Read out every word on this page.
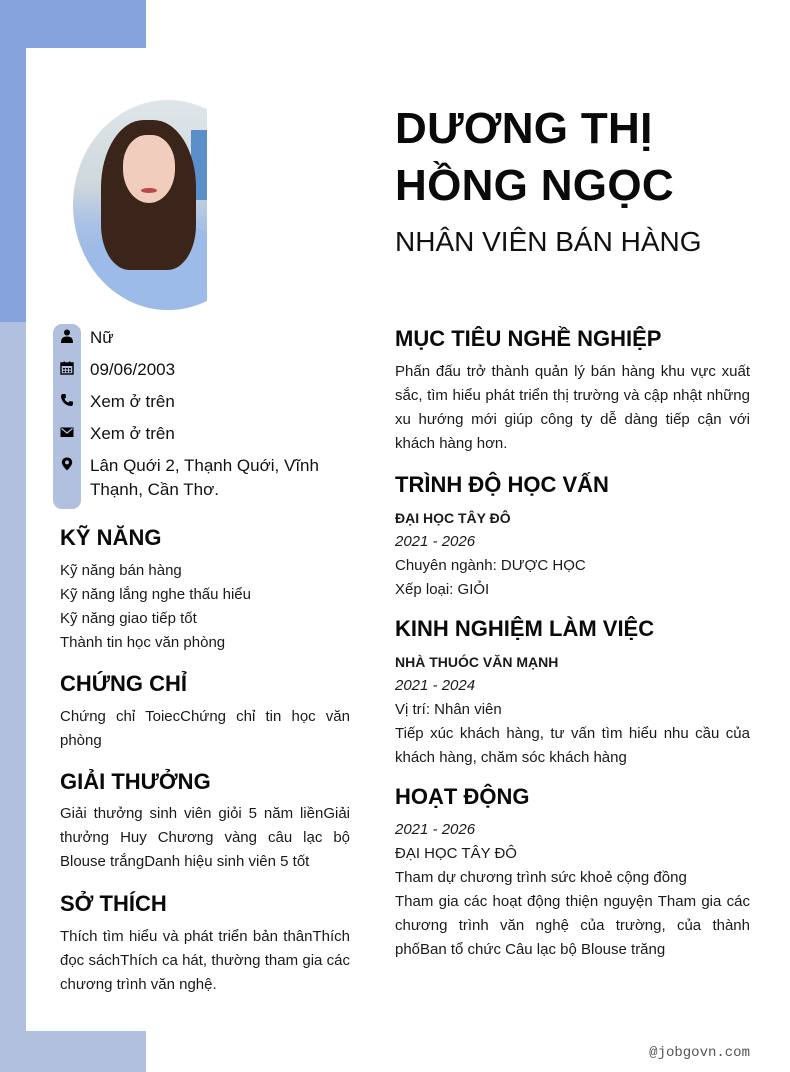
DƯƠNG THỊ
HỒNG NGỌC
NHÂN VIÊN BÁN HÀNG
Nữ
09/06/2003
Xem ở trên
Xem ở trên
Lân Quới 2, Thạnh Quới, Vĩnh Thạnh, Cần Thơ.
KỸ NĂNG
Kỹ năng bán hàng
Kỹ năng lắng nghe thấu hiểu
Kỹ năng giao tiếp tốt
Thành tin học văn phòng
CHỨNG CHỈ
Chứng chỉ ToiecChứng chỉ tin học văn phòng
GIẢI THƯỞNG
Giải thưởng sinh viên giỏi 5 năm liềnGiải thưởng Huy Chương vàng câu lạc bộ Blouse trắngDanh hiệu sinh viên 5 tốt
SỞ THÍCH
Thích tìm hiểu và phát triển bản thânThích đọc sáchThích ca hát, thường tham gia các chương trình văn nghệ.
MỤC TIÊU NGHỀ NGHIỆP
Phấn đấu trở thành quản lý bán hàng khu vực xuất sắc, tìm hiểu phát triển thị trường và cập nhật những xu hướng mới giúp công ty dễ dàng tiếp cận với khách hàng hơn.
TRÌNH ĐỘ HỌC VẤN
ĐẠI HỌC TÂY ĐÔ
2021 - 2026
Chuyên ngành: DƯỢC HỌC
Xếp loại: GIỎI
KINH NGHIỆM LÀM VIỆC
NHÀ THUÓC VĂN MẠNH
2021 - 2024
Vị trí: Nhân viên
Tiếp xúc khách hàng, tư vấn tìm hiểu nhu cầu của khách hàng, chăm sóc khách hàng
HOẠT ĐỘNG
2021 - 2026
ĐẠI HỌC TÂY ĐÔ
Tham dự chương trình sức khoẻ cộng đồng
Tham gia các hoạt động thiện nguyện Tham gia các chương trình văn nghệ của trường, của thành phốBan tổ chức Câu lạc bộ Blouse trăng
@jobgovn.com
